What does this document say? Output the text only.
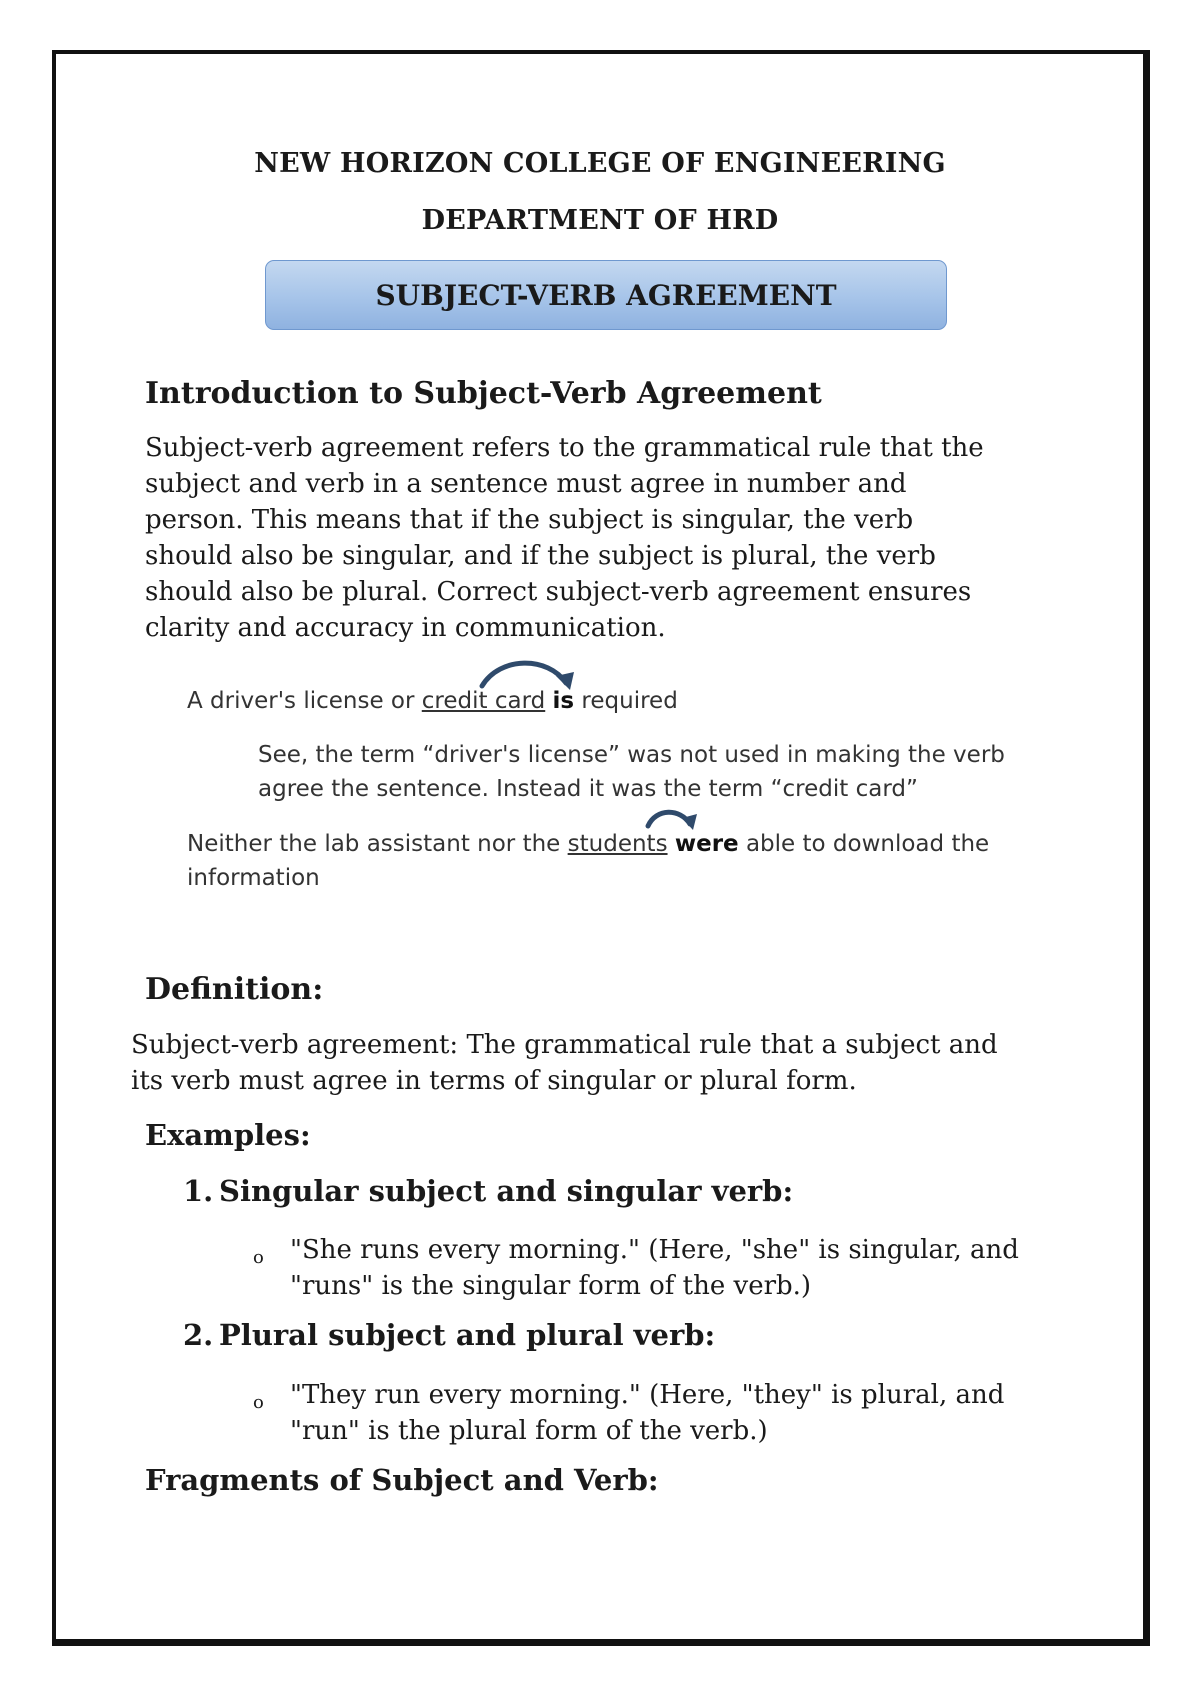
NEW HORIZON COLLEGE OF ENGINEERING

DEPARTMENT OF HRD

SUBJECT-VERB AGREEMENT

Introduction to Subject-Verb Agreement

Subject-verb agreement refers to the grammatical rule that the
subject and verb in a sentence must agree in number and
person. This means that if the subject is singular, the verb
should also be singular, and if the subject is plural, the verb
should also be plural. Correct subject-verb agreement ensures
clarity and accuracy in communication.
A driver's license or credit card is required
See, the term “driver's license” was not used in making the verb
agree the sentence. Instead it was the term “credit card”
Neither the lab assistant nor the students were able to download the
information

Definition:

Subject-verb agreement: The grammatical rule that a subject and
its verb must agree in terms of singular or plural form.

Examples:

1. Singular subject and singular verb:

o "She runs every morning." (Here, "she" is singular, and
"runs" is the singular form of the verb.)

2. Plural subject and plural verb:

o "They run every morning." (Here, "they" is plural, and
"run" is the plural form of the verb.)

Fragments of Subject and Verb:
